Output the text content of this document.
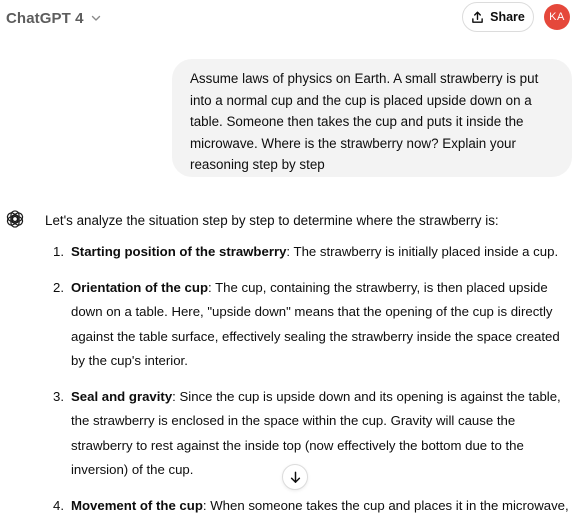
ChatGPT 4	Share KA
Assume laws of physics on Earth. A small strawberry is put into a normal cup and the cup is placed upside down on a table. Someone then takes the cup and puts it inside the microwave. Where is the strawberry now? Explain your reasoning step by step
Let's analyze the situation step by step to determine where the strawberry is:
1. Starting position of the strawberry: The strawberry is initially placed inside a cup.
2. Orientation of the cup: The cup, containing the strawberry, is then placed upside down on a table. Here, "upside down" means that the opening of the cup is directly against the table surface, effectively sealing the strawberry inside the space created by the cup's interior.
3. Seal and gravity: Since the cup is upside down and its opening is against the table, the strawberry is enclosed in the space within the cup. Gravity will cause the strawberry to rest against the inside top (now effectively the bottom due to the inversion) of the cup.
4. Movement of the cup: When someone takes the cup and places it in the microwave,
